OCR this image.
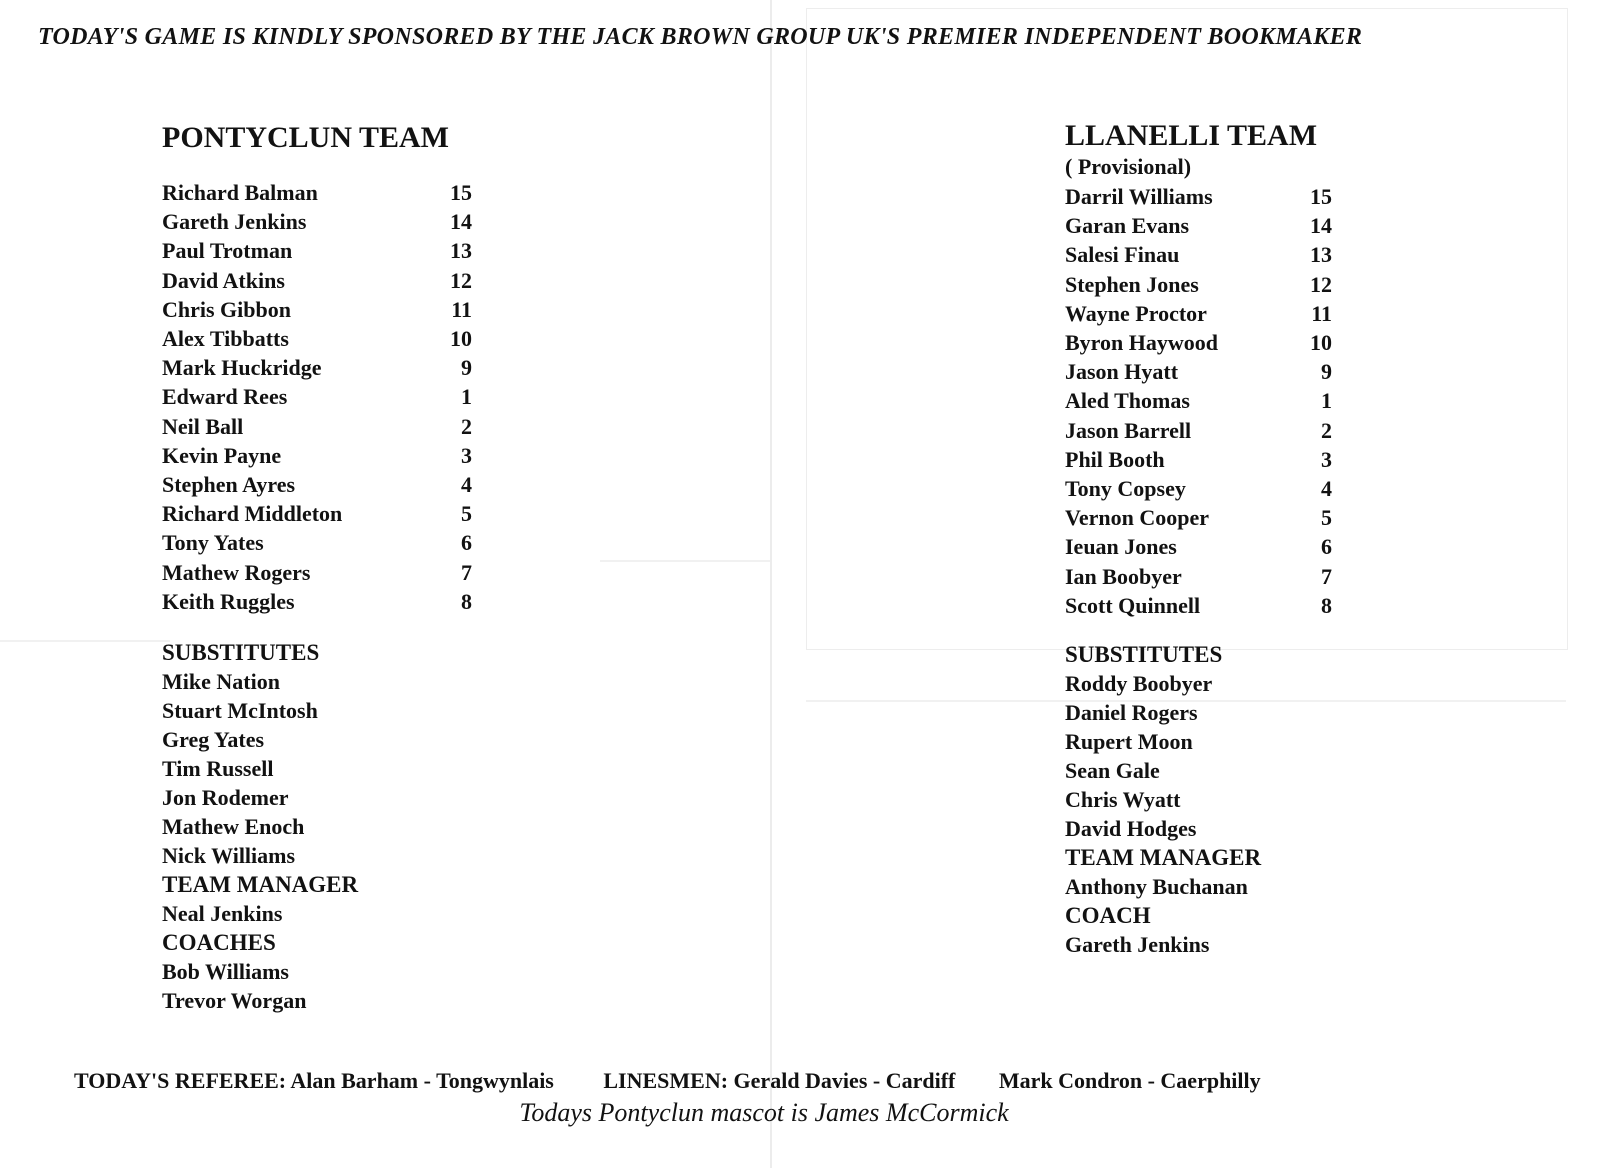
TODAY'S GAME IS KINDLY SPONSORED BY THE JACK BROWN GROUP UK'S PREMIER INDEPENDENT BOOKMAKER
PONTYCLUN TEAM
Richard Balman	15
Gareth Jenkins	14
Paul Trotman	13
David Atkins	12
Chris Gibbon	11
Alex Tibbatts	10
Mark Huckridge	9
Edward Rees	1
Neil Ball	2
Kevin Payne	3
Stephen Ayres	4
Richard Middleton	5
Tony Yates	6
Mathew Rogers	7
Keith Ruggles	8
SUBSTITUTES
Mike Nation
Stuart McIntosh
Greg Yates
Tim Russell
Jon Rodemer
Mathew Enoch
Nick Williams
TEAM MANAGER
Neal Jenkins
COACHES
Bob Williams
Trevor Worgan
LLANELLI TEAM
( Provisional)
Darril Williams	15
Garan Evans	14
Salesi Finau	13
Stephen Jones	12
Wayne Proctor	11
Byron Haywood	10
Jason Hyatt	9
Aled Thomas	1
Jason Barrell	2
Phil Booth	3
Tony Copsey	4
Vernon Cooper	5
Ieuan Jones	6
Ian Boobyer	7
Scott Quinnell	8
SUBSTITUTES
Roddy Boobyer
Daniel Rogers
Rupert Moon
Sean Gale
Chris Wyatt
David Hodges
TEAM MANAGER
Anthony Buchanan
COACH
Gareth Jenkins
TODAY'S REFEREE: Alan Barham - Tongwynlais LINESMEN: Gerald Davies - Cardiff Mark Condron - Caerphilly
Todays Pontyclun mascot is James McCormick
